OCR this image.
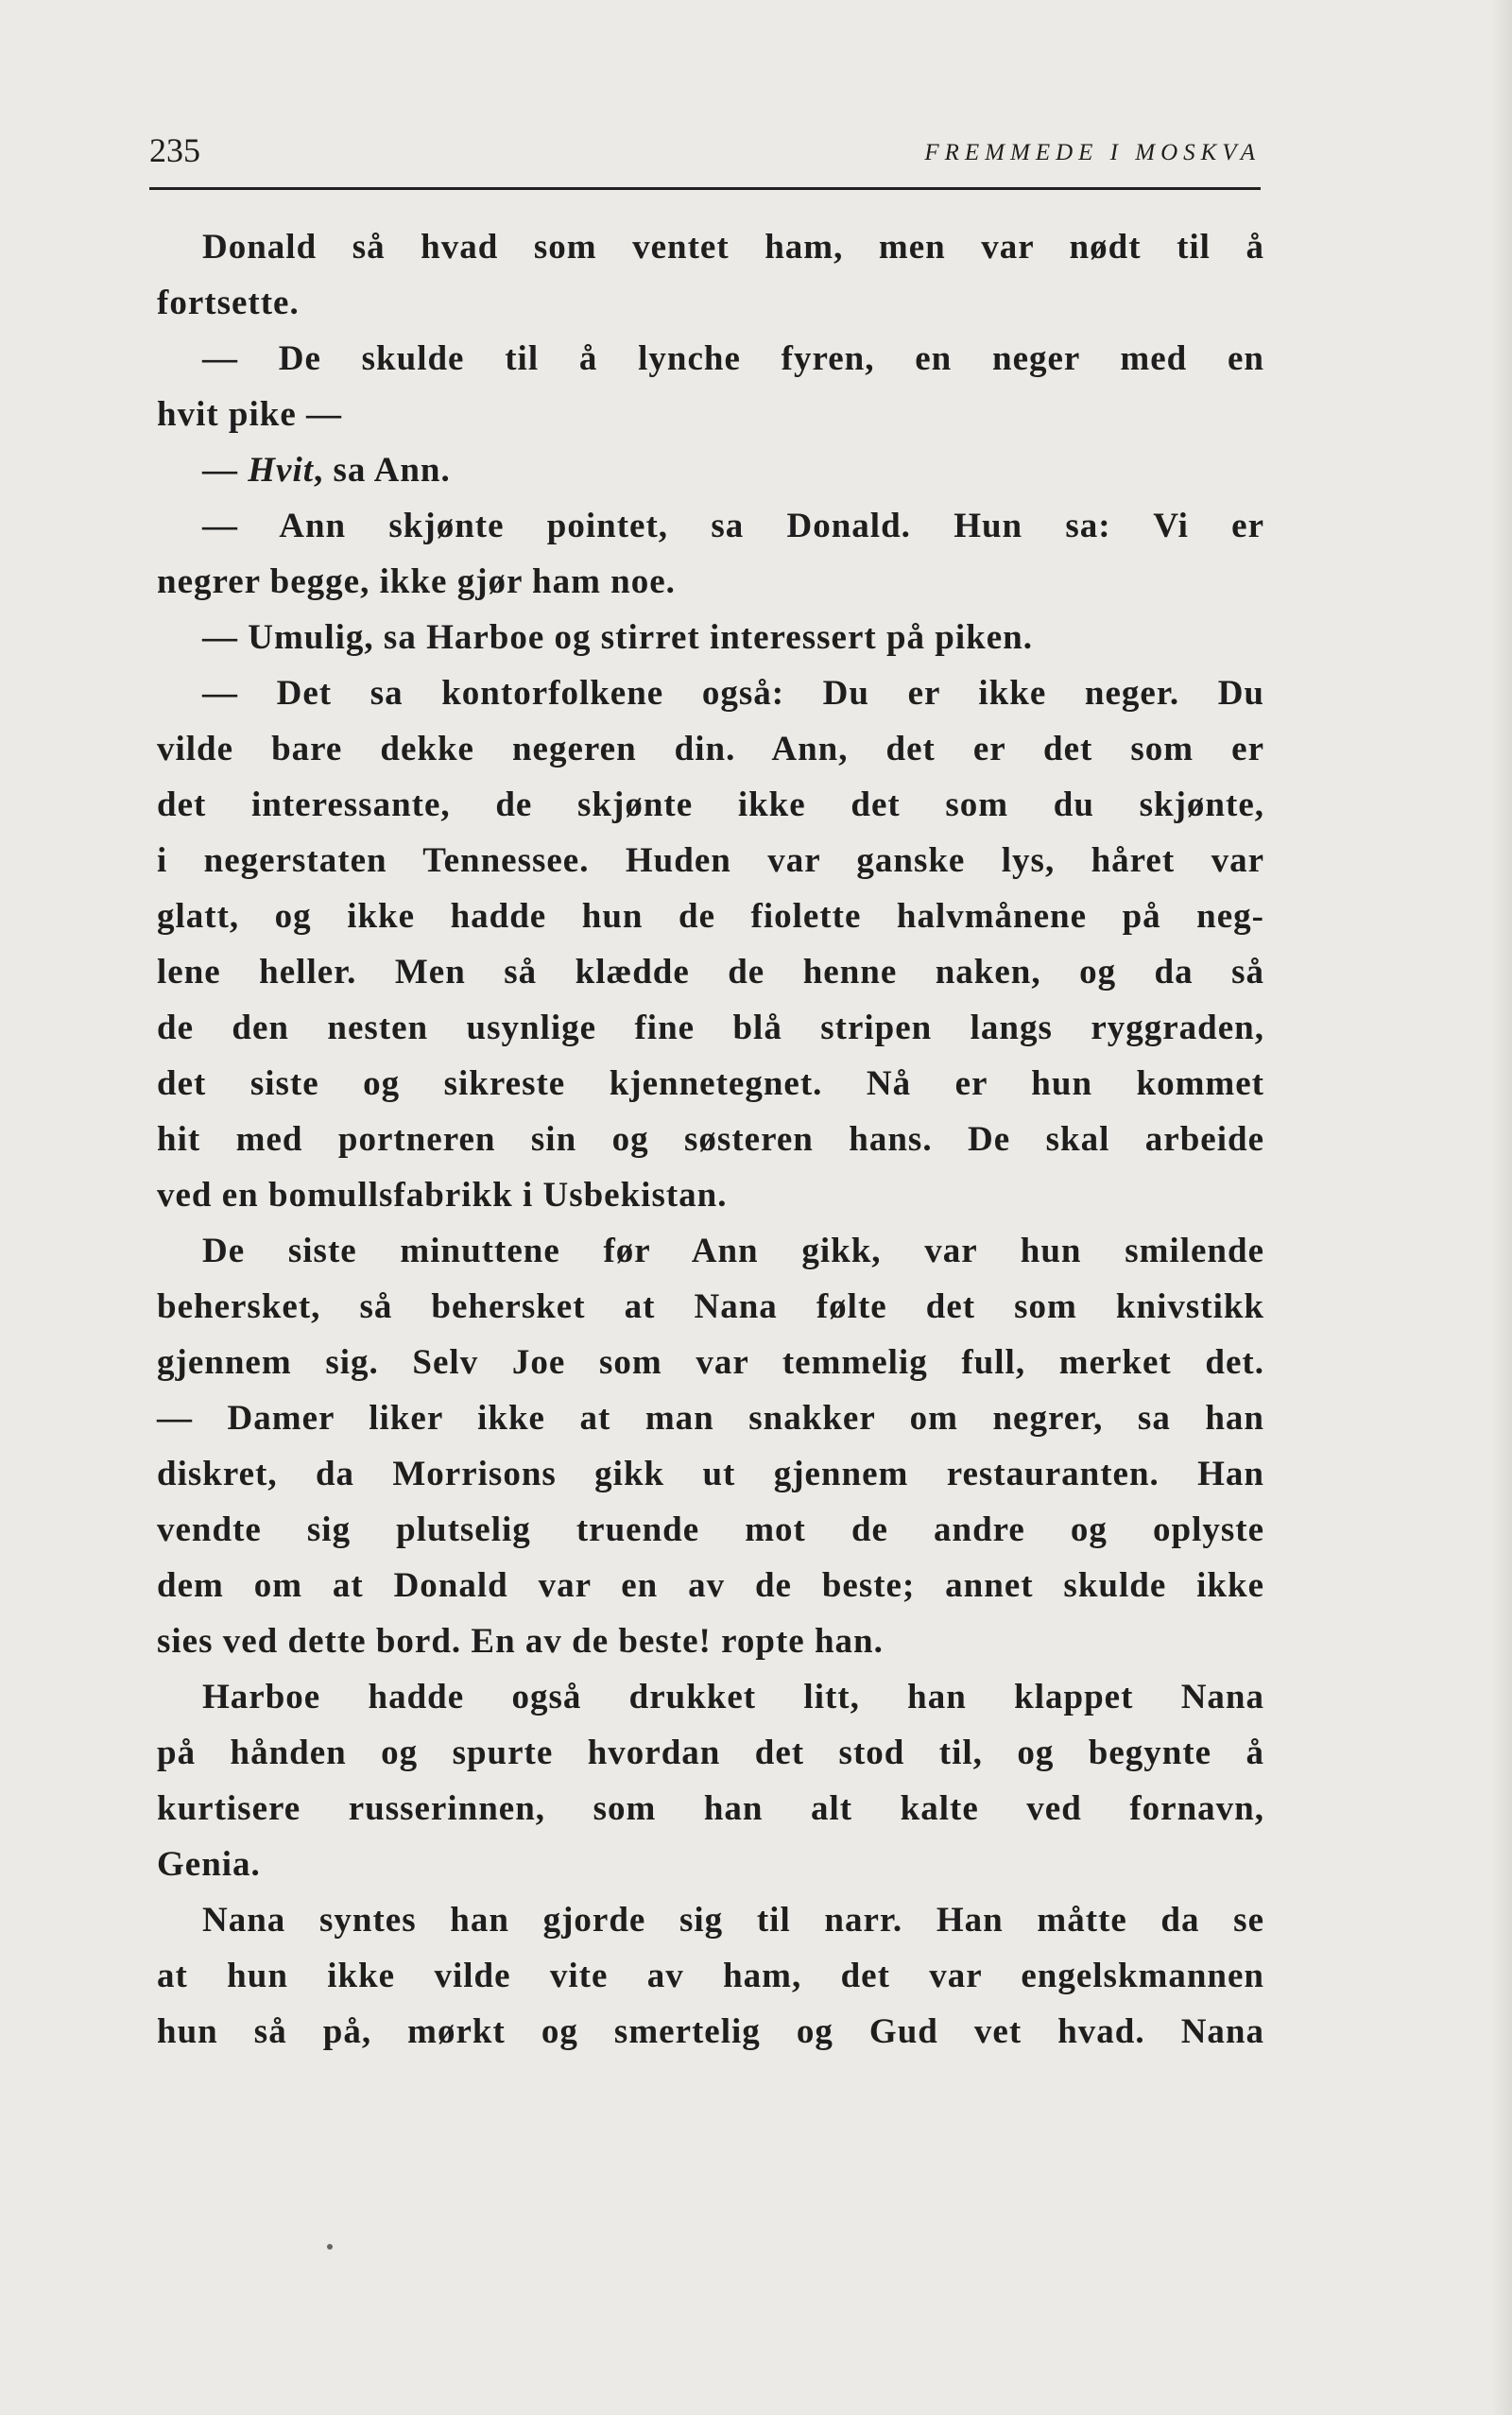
235	FREMMEDE I MOSKVA
Donald så hvad som ventet ham, men var nødt til å
fortsette.
— De skulde til å lynche fyren, en neger med en
hvit pike —
— Hvit, sa Ann.
— Ann skjønte pointet, sa Donald. Hun sa: Vi er
negrer begge, ikke gjør ham noe.
— Umulig, sa Harboe og stirret interessert på piken.
— Det sa kontorfolkene også: Du er ikke neger. Du
vilde bare dekke negeren din. Ann, det er det som er
det interessante, de skjønte ikke det som du skjønte,
i negerstaten Tennessee. Huden var ganske lys, håret var
glatt, og ikke hadde hun de fiolette halvmånene på neg-
lene heller. Men så klædde de henne naken, og da så
de den nesten usynlige fine blå stripen langs ryggraden,
det siste og sikreste kjennetegnet. Nå er hun kommet
hit med portneren sin og søsteren hans. De skal arbeide
ved en bomullsfabrikk i Usbekistan.
De siste minuttene før Ann gikk, var hun smilende
behersket, så behersket at Nana følte det som knivstikk
gjennem sig. Selv Joe som var temmelig full, merket det.
— Damer liker ikke at man snakker om negrer, sa han
diskret, da Morrisons gikk ut gjennem restauranten. Han
vendte sig plutselig truende mot de andre og oplyste
dem om at Donald var en av de beste; annet skulde ikke
sies ved dette bord. En av de beste! ropte han.
Harboe hadde også drukket litt, han klappet Nana
på hånden og spurte hvordan det stod til, og begynte å
kurtisere russerinnen, som han alt kalte ved fornavn,
Genia.
Nana syntes han gjorde sig til narr. Han måtte da se
at hun ikke vilde vite av ham, det var engelskmannen
hun så på, mørkt og smertelig og Gud vet hvad. Nana
